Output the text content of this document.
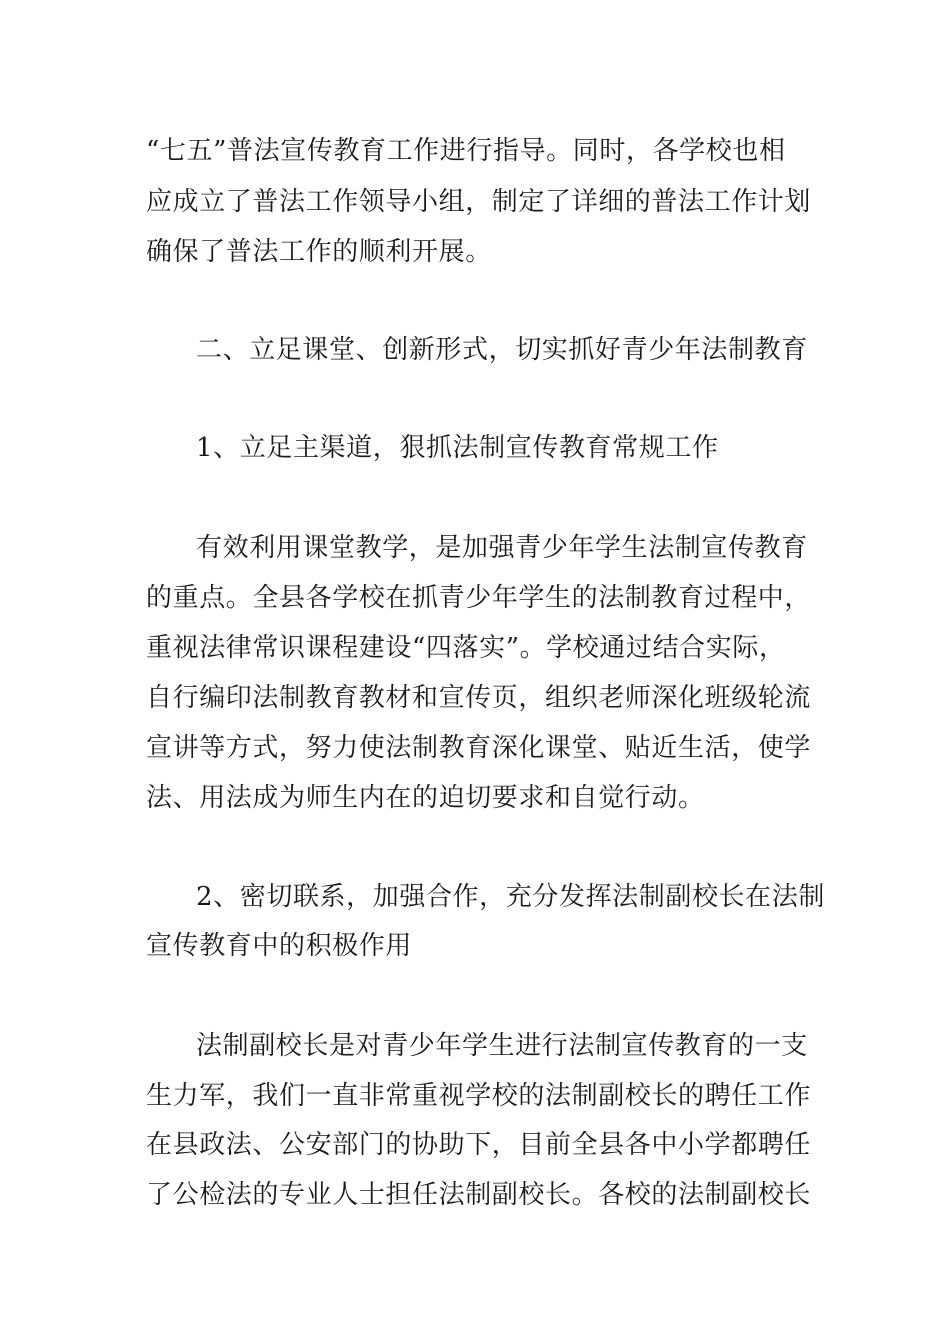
“七五”普法宣传教育工作进行指导。同时，各学校也相
应成立了普法工作领导小组，制定了详细的普法工作计划
确保了普法工作的顺利开展。
二、立足课堂、创新形式，切实抓好青少年法制教育
1、立足主渠道，狠抓法制宣传教育常规工作
有效利用课堂教学，是加强青少年学生法制宣传教育
的重点。全县各学校在抓青少年学生的法制教育过程中，
重视法律常识课程建设“四落实”。学校通过结合实际，
自行编印法制教育教材和宣传页，组织老师深化班级轮流
宣讲等方式，努力使法制教育深化课堂、贴近生活，使学
法、用法成为师生内在的迫切要求和自觉行动。
2、密切联系，加强合作，充分发挥法制副校长在法制
宣传教育中的积极作用
法制副校长是对青少年学生进行法制宣传教育的一支
生力军，我们一直非常重视学校的法制副校长的聘任工作
在县政法、公安部门的协助下，目前全县各中小学都聘任
了公检法的专业人士担任法制副校长。各校的法制副校长
